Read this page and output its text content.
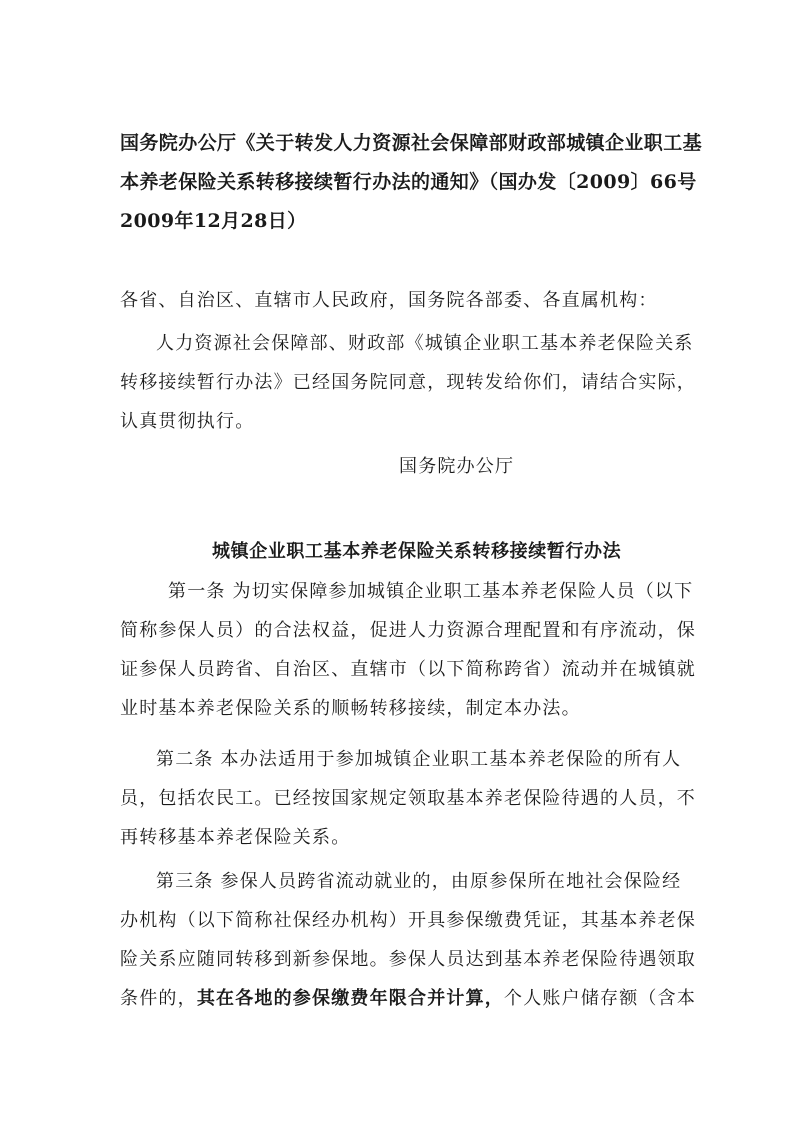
国务院办公厅《关于转发人力资源社会保障部财政部城镇企业职工基
本养老保险关系转移接续暂行办法的通知》（国办发〔2009〕66号
2009年12月28日）
各省、自治区、直辖市人民政府，国务院各部委、各直属机构：
人力资源社会保障部、财政部《城镇企业职工基本养老保险关系
转移接续暂行办法》已经国务院同意，现转发给你们，请结合实际，
认真贯彻执行。
国务院办公厅
城镇企业职工基本养老保险关系转移接续暂行办法
第一条 为切实保障参加城镇企业职工基本养老保险人员（以下
简称参保人员）的合法权益，促进人力资源合理配置和有序流动，保
证参保人员跨省、自治区、直辖市（以下简称跨省）流动并在城镇就
业时基本养老保险关系的顺畅转移接续，制定本办法。
第二条 本办法适用于参加城镇企业职工基本养老保险的所有人
员，包括农民工。已经按国家规定领取基本养老保险待遇的人员，不
再转移基本养老保险关系。
第三条 参保人员跨省流动就业的，由原参保所在地社会保险经
办机构（以下简称社保经办机构）开具参保缴费凭证，其基本养老保
险关系应随同转移到新参保地。参保人员达到基本养老保险待遇领取
条件的，其在各地的参保缴费年限合并计算，个人账户储存额（含本
